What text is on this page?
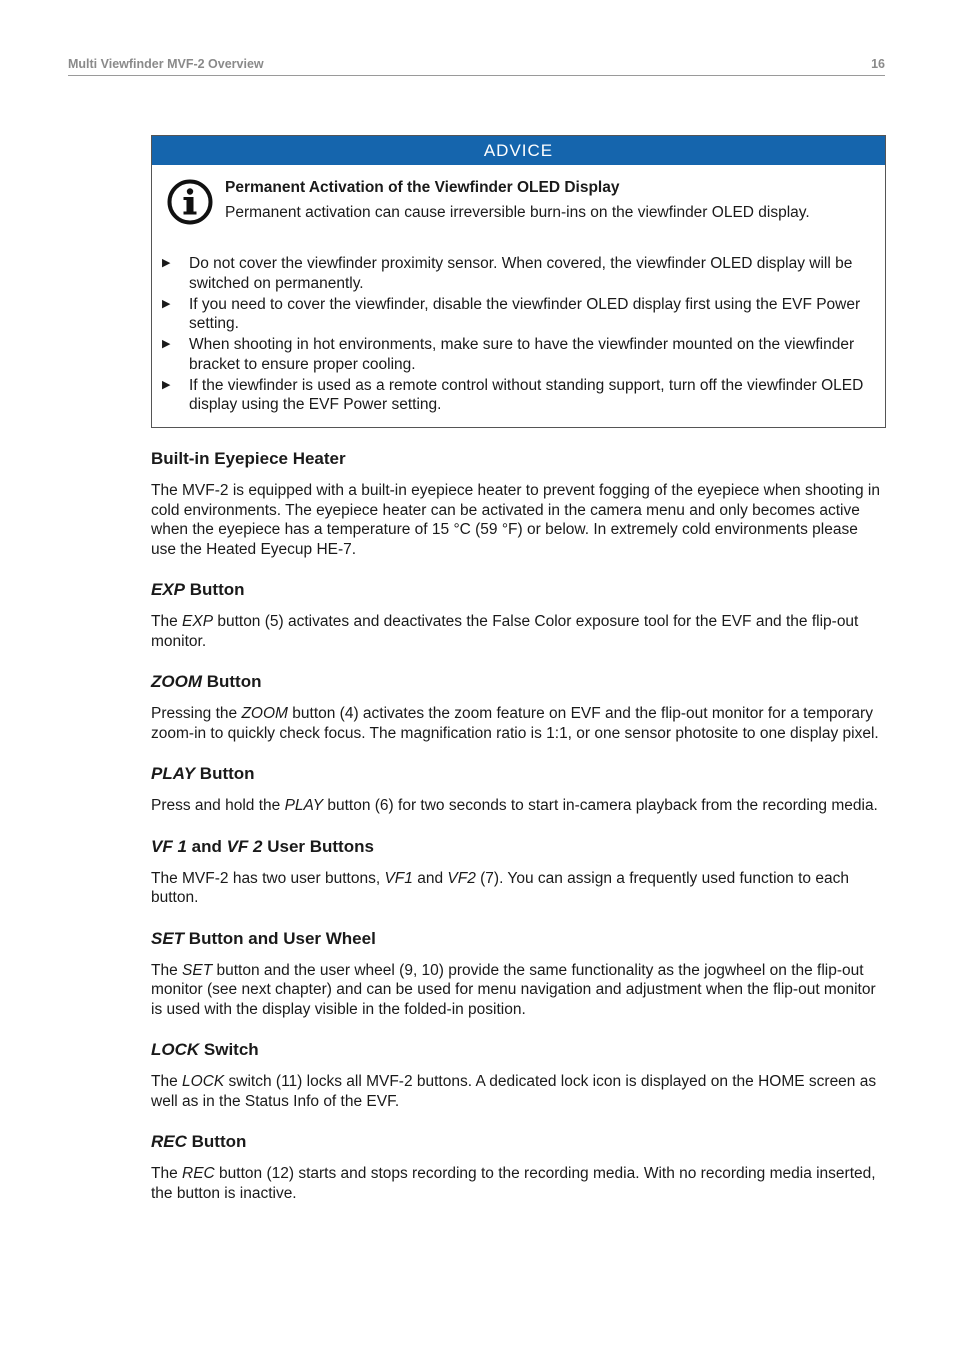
Multi Viewfinder MVF-2 Overview	16
ADVICE
Permanent Activation of the Viewfinder OLED Display
Permanent activation can cause irreversible burn-ins on the viewfinder OLED display.
▶ Do not cover the viewfinder proximity sensor. When covered, the viewfinder OLED display will be switched on permanently.
▶ If you need to cover the viewfinder, disable the viewfinder OLED display first using the EVF Power setting.
▶ When shooting in hot environments, make sure to have the viewfinder mounted on the viewfinder bracket to ensure proper cooling.
▶ If the viewfinder is used as a remote control without standing support, turn off the viewfinder OLED display using the EVF Power setting.
Built-in Eyepiece Heater

The MVF-2 is equipped with a built-in eyepiece heater to prevent fogging of the eyepiece when shooting in cold environments. The eyepiece heater can be activated in the camera menu and only becomes active when the eyepiece has a temperature of 15 °C (59 °F) or below. In extremely cold environments please use the Heated Eyecup HE-7.

EXP Button

The EXP button (5) activates and deactivates the False Color exposure tool for the EVF and the flip-out monitor.

ZOOM Button

Pressing the ZOOM button (4) activates the zoom feature on EVF and the flip-out monitor for a temporary zoom-in to quickly check focus. The magnification ratio is 1:1, or one sensor photosite to one display pixel.

PLAY Button

Press and hold the PLAY button (6) for two seconds to start in-camera playback from the recording media.

VF 1 and VF 2 User Buttons

The MVF-2 has two user buttons, VF1 and VF2 (7). You can assign a frequently used function to each button.

SET Button and User Wheel

The SET button and the user wheel (9, 10) provide the same functionality as the jogwheel on the flip-out monitor (see next chapter) and can be used for menu navigation and adjustment when the flip-out monitor is used with the display visible in the folded-in position.

LOCK Switch

The LOCK switch (11) locks all MVF-2 buttons. A dedicated lock icon is displayed on the HOME screen as well as in the Status Info of the EVF.

REC Button

The REC button (12) starts and stops recording to the recording media. With no recording media inserted, the button is inactive.
